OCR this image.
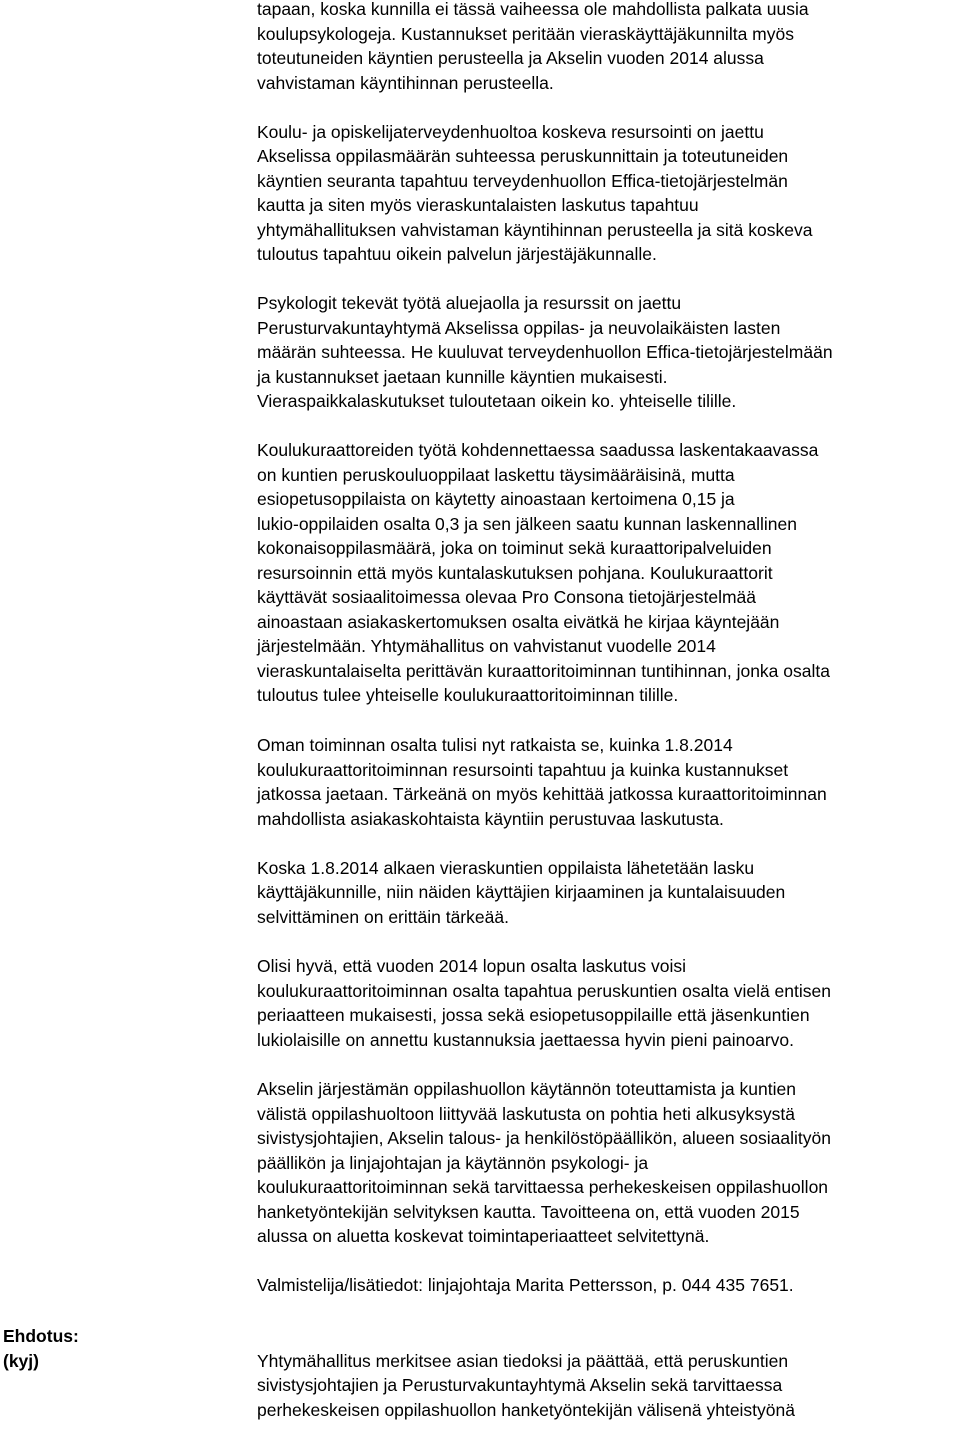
tapaan, koska kunnilla ei tässä vaiheessa ole mahdollista palkata uusia

koulupsykologeja. Kustannukset peritään vieraskäyttäjäkunnilta myös

toteutuneiden käyntien perusteella ja Akselin vuoden 2014 alussa

vahvistaman käyntihinnan perusteella.

Koulu- ja opiskelijaterveydenhuoltoa koskeva resursointi on jaettu

Akselissa oppilasmäärän suhteessa peruskunnittain ja toteutuneiden

käyntien seuranta tapahtuu terveydenhuollon Effica-tietojärjestelmän

kautta ja siten myös vieraskuntalaisten laskutus tapahtuu

yhtymähallituksen vahvistaman käyntihinnan perusteella ja sitä koskeva

tuloutus tapahtuu oikein palvelun järjestäjäkunnalle.

Psykologit tekevät työtä aluejaolla ja resurssit on jaettu

Perusturvakuntayhtymä Akselissa oppilas- ja neuvolaikäisten lasten

määrän suhteessa. He kuuluvat terveydenhuollon Effica-tietojärjestelmään

ja kustannukset jaetaan kunnille käyntien mukaisesti.

Vieraspaikkalaskutukset tuloutetaan oikein ko. yhteiselle tilille.

Koulukuraattoreiden työtä kohdennettaessa saadussa laskentakaavassa

on kuntien peruskouluoppilaat laskettu täysimääräisinä, mutta

esiopetusoppilaista on käytetty ainoastaan kertoimena 0,15 ja

lukio-oppilaiden osalta 0,3 ja sen jälkeen saatu kunnan laskennallinen

kokonaisoppilasmäärä, joka on toiminut sekä kuraattoripalveluiden

resursoinnin että myös kuntalaskutuksen pohjana. Koulukuraattorit

käyttävät sosiaalitoimessa olevaa Pro Consona tietojärjestelmää

ainoastaan asiakaskertomuksen osalta eivätkä he kirjaa käyntejään

järjestelmään. Yhtymähallitus on vahvistanut vuodelle 2014

vieraskuntalaiselta perittävän kuraattoritoiminnan tuntihinnan, jonka osalta

tuloutus tulee yhteiselle koulukuraattoritoiminnan tilille.

Oman toiminnan osalta tulisi nyt ratkaista se, kuinka 1.8.2014

koulukuraattoritoiminnan resursointi tapahtuu ja kuinka kustannukset

jatkossa jaetaan. Tärkeänä on myös kehittää jatkossa kuraattoritoiminnan

mahdollista asiakaskohtaista käyntiin perustuvaa laskutusta.

Koska 1.8.2014 alkaen vieraskuntien oppilaista lähetetään lasku

käyttäjäkunnille, niin näiden käyttäjien kirjaaminen ja kuntalaisuuden

selvittäminen on erittäin tärkeää.

Olisi hyvä, että vuoden 2014 lopun osalta laskutus voisi

koulukuraattoritoiminnan osalta tapahtua peruskuntien osalta vielä entisen

periaatteen mukaisesti, jossa sekä esiopetusoppilaille että jäsenkuntien

lukiolaisille on annettu kustannuksia jaettaessa hyvin pieni painoarvo.

Akselin järjestämän oppilashuollon käytännön toteuttamista ja kuntien

välistä oppilashuoltoon liittyvää laskutusta on pohtia heti alkusyksystä

sivistysjohtajien, Akselin talous- ja henkilöstöpäällikön, alueen sosiaalityön

päällikön ja linjajohtajan ja käytännön psykologi- ja

koulukuraattoritoiminnan sekä tarvittaessa perhekeskeisen oppilashuollon

hanketyöntekijän selvityksen kautta. Tavoitteena on, että vuoden 2015

alussa on aluetta koskevat toimintaperiaatteet selvitettynä.

Valmistelija/lisätiedot: linjajohtaja Marita Pettersson, p. 044 435 7651.

Ehdotus:

(kyj)	Yhtymähallitus merkitsee asian tiedoksi ja päättää, että peruskuntien

sivistysjohtajien ja Perusturvakuntayhtymä Akselin sekä tarvittaessa

perhekeskeisen oppilashuollon hanketyöntekijän välisenä yhteistyönä
